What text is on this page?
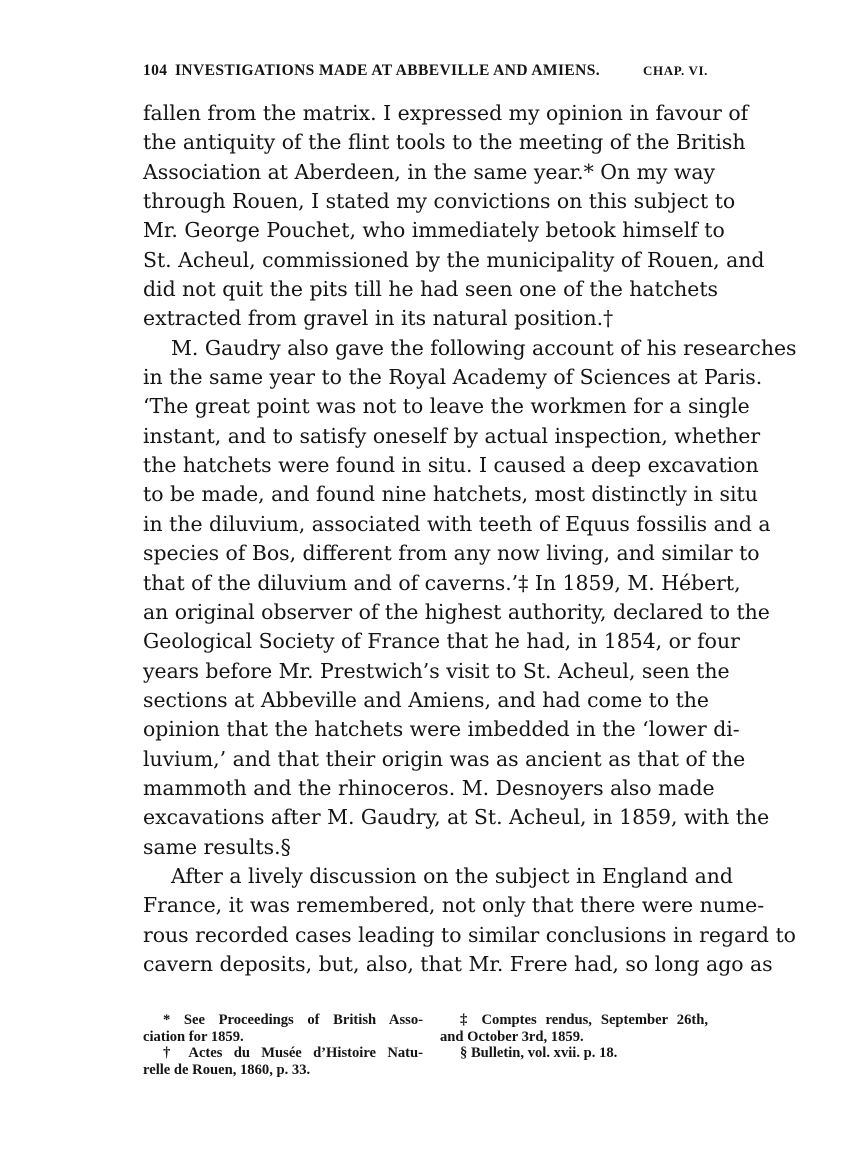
104 INVESTIGATIONS MADE AT ABBEVILLE AND AMIENS.	CHAP. VI.
fallen from the matrix. I expressed my opinion in favour of
the antiquity of the flint tools to the meeting of the British
Association at Aberdeen, in the same year.* On my way
through Rouen, I stated my convictions on this subject to
Mr. George Pouchet, who immediately betook himself to
St. Acheul, commissioned by the municipality of Rouen, and
did not quit the pits till he had seen one of the hatchets
extracted from gravel in its natural position.†
M. Gaudry also gave the following account of his researches
in the same year to the Royal Academy of Sciences at Paris.
‘The great point was not to leave the workmen for a single
instant, and to satisfy oneself by actual inspection, whether
the hatchets were found in situ. I caused a deep excavation
to be made, and found nine hatchets, most distinctly in situ
in the diluvium, associated with teeth of Equus fossilis and a
species of Bos, different from any now living, and similar to
that of the diluvium and of caverns.’‡ In 1859, M. Hébert,
an original observer of the highest authority, declared to the
Geological Society of France that he had, in 1854, or four
years before Mr. Prestwich’s visit to St. Acheul, seen the
sections at Abbeville and Amiens, and had come to the
opinion that the hatchets were imbedded in the ‘lower di-
luvium,’ and that their origin was as ancient as that of the
mammoth and the rhinoceros. M. Desnoyers also made
excavations after M. Gaudry, at St. Acheul, in 1859, with the
same results.§
After a lively discussion on the subject in England and
France, it was remembered, not only that there were nume-
rous recorded cases leading to similar conclusions in regard to
cavern deposits, but, also, that Mr. Frere had, so long ago as
* See Proceedings of British Asso-
ciation for 1859.
† Actes du Musée d’Histoire Natu-
relle de Rouen, 1860, p. 33.
‡ Comptes rendus, September 26th,
and October 3rd, 1859.
§ Bulletin, vol. xvii. p. 18.
